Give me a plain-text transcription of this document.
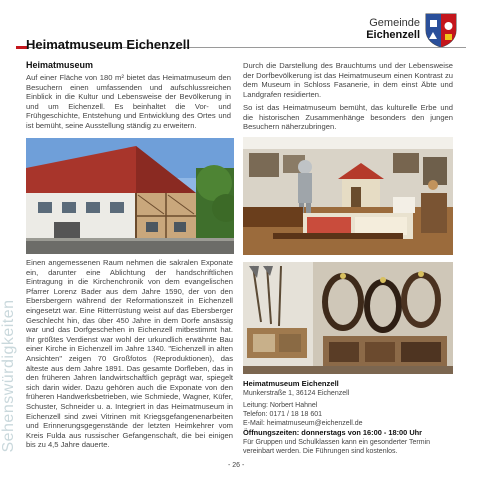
Sehenswürdigkeiten
Gemeinde
Eichenzell
Heimatmuseum Eichenzell
Heimatmuseum

Auf einer Fläche von 180 m² bietet das Heimatmuseum den Besuchern einen umfassenden und aufschlussreichen Einblick in die Kultur und Lebensweise der Bevölkerung in und um Eichenzell. Es beinhaltet die Vor- und Frühgeschichte, Entstehung und Entwicklung des Ortes und ist bemüht, seine Ausstellung ständig zu erweitern.

Durch die Darstellung des Brauchtums und der Lebensweise der Dorfbevölkerung ist das Heimatmuseum einen Kontrast zu dem Museum in Schloss Fasanerie, in dem einst Äbte und Landgrafen residierten.

So ist das Heimatmuseum bemüht, das kulturelle Erbe und die historischen Zusammenhänge besonders den jungen Besuchern näherzubringen.

Einen angemessenen Raum nehmen die sakralen Exponate ein, darunter eine Ablichtung der handschriftlichen Eintragung in die Kirchenchronik von dem evangelischen Pfarrer Lorenz Bader aus dem Jahre 1590, der von den Ebersbergern während der Reformationszeit in Eichenzell eingesetzt war. Eine Ritterrüstung weist auf das Ebersberger Geschlecht hin, das über 450 Jahre in dem Dorfe ansässig war und das Dorfgeschehen in Eichenzell mitbestimmt hat. Ihr größtes Verdienst war wohl der urkundlich erwähnte Bau einer Kirche in Eichenzell im Jahre 1340. "Eichenzell in alten Ansichten" zeigen 70 Großfotos (Reproduktionen), das älteste aus dem Jahre 1891. Das gesamte Dorfleben, das in den früheren Jahren landwirtschaftlich geprägt war, spiegelt sich darin wider. Dazu gehören auch die Exponate von den früheren Handwerksbetrieben, wie Schmiede, Wagner, Küfer, Schuster, Schneider u. a. Integriert in das Heimatmuseum in Eichenzell sind zwei Vitrinen mit Kriegsgefangenenarbeiten und Erinnerungsgegenstände der letzten Heimkehrer vom Kreis Fulda aus russischer Gefangenschaft, die bei einigen bis zu 4,5 Jahre dauerte.

Heimatmuseum Eichenzell
Munkerstraße 1, 36124 Eichenzell
Leitung: Norbert Hahnel
Telefon: 0171 / 18 18 601
E-Mail: heimatmuseum@eichenzell.de
Öffnungszeiten: donnerstags von 16:00 - 18:00 Uhr
Für Gruppen und Schulklassen kann ein gesonderter Termin vereinbart werden. Die Führungen sind kostenlos.
- 26 -
